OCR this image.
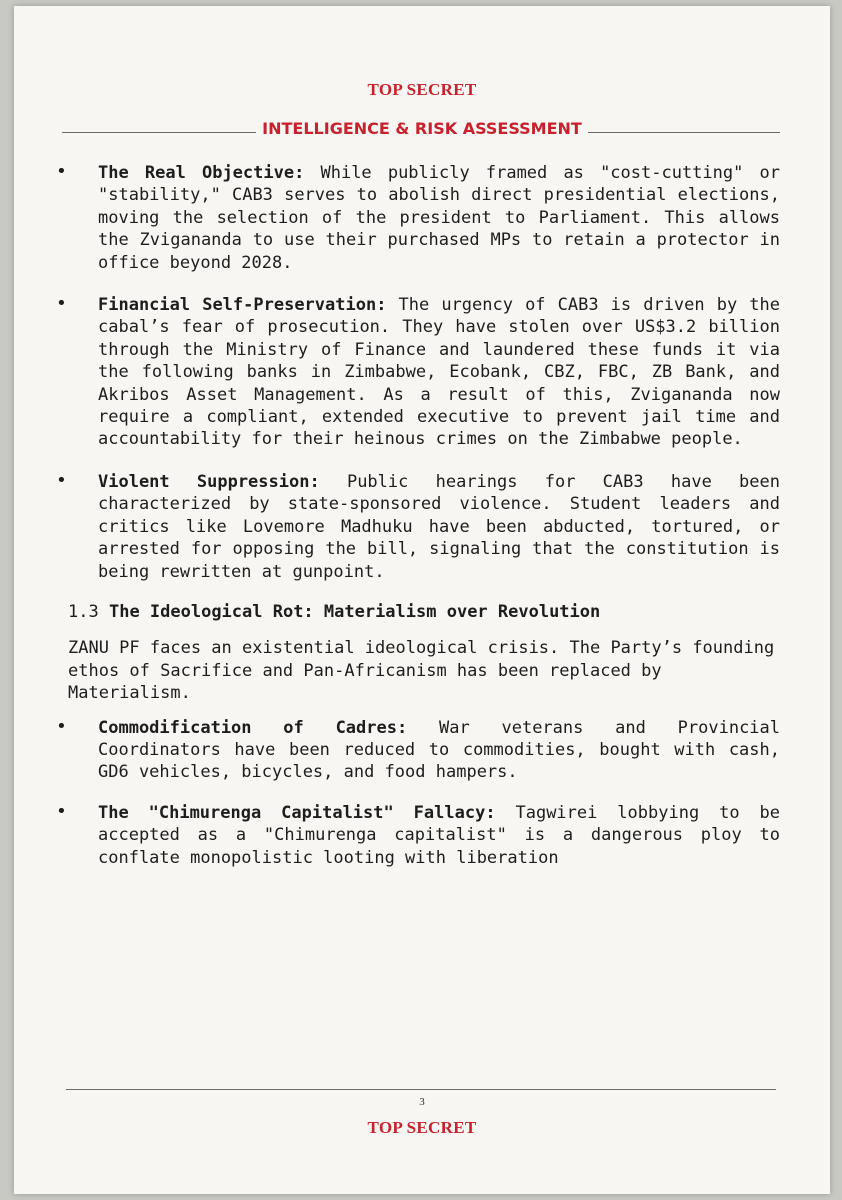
TOP SECRET
INTELLIGENCE & RISK ASSESSMENT
• The Real Objective: While publicly framed as "cost-cutting" or "stability," CAB3 serves to abolish direct presidential elections, moving the selection of the president to Parliament. This allows the Zvigananda to use their purchased MPs to retain a protector in office beyond 2028.
• Financial Self-Preservation: The urgency of CAB3 is driven by the cabal’s fear of prosecution. They have stolen over US$3.2 billion through the Ministry of Finance and laundered these funds it via the following banks in Zimbabwe, Ecobank, CBZ, FBC, ZB Bank, and Akribos Asset Management. As a result of this, Zvigananda now require a compliant, extended executive to prevent jail time and accountability for their heinous crimes on the Zimbabwe people.
• Violent Suppression: Public hearings for CAB3 have been characterized by state-sponsored violence. Student leaders and critics like Lovemore Madhuku have been abducted, tortured, or arrested for opposing the bill, signaling that the constitution is being rewritten at gunpoint.
1.3 The Ideological Rot: Materialism over Revolution
ZANU PF faces an existential ideological crisis. The Party’s founding ethos of Sacrifice and Pan-Africanism has been replaced by Materialism.
• Commodification of Cadres: War veterans and Provincial Coordinators have been reduced to commodities, bought with cash, GD6 vehicles, bicycles, and food hampers.
• The "Chimurenga Capitalist" Fallacy: Tagwirei lobbying to be accepted as a "Chimurenga capitalist" is a dangerous ploy to conflate monopolistic looting with liberation
3
TOP SECRET
